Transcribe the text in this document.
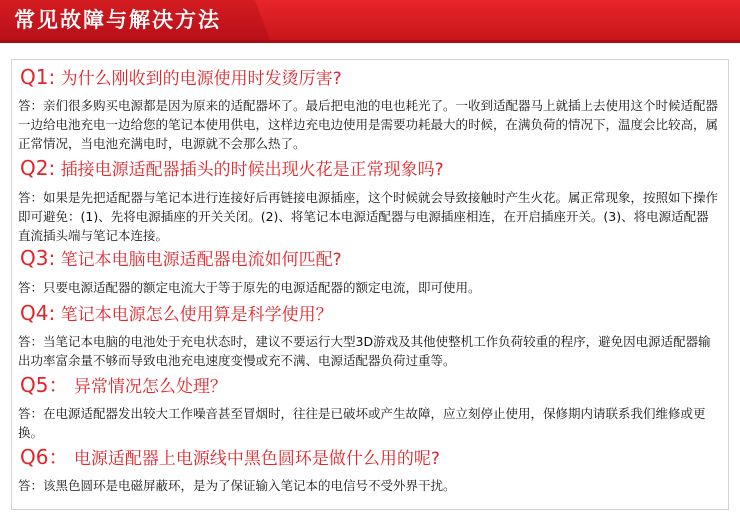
常见故障与解决方法
Q1: 为什么刚收到的电源使用时发烫厉害?
答：亲们很多购买电源都是因为原来的适配器坏了。最后把电池的电也耗光了。一收到适配器马上就插上去使用这个时候适配器一边给电池充电一边给您的笔记本使用供电，这样边充电边使用是需要功耗最大的时候，在满负荷的情况下，温度会比较高，属正常情况，当电池充满电时，电源就不会那么热了。
Q2: 插接电源适配器插头的时候出现火花是正常现象吗?
答：如果是先把适配器与笔记本进行连接好后再链接电源插座，这个时候就会导致接触时产生火花。属正常现象，按照如下操作即可避免：(1)、先将电源插座的开关关闭。(2)、将笔记本电源适配器与电源插座相连，在开启插座开关。(3)、将电源适配器直流插头端与笔记本连接。
Q3: 笔记本电脑电源适配器电流如何匹配?
答：只要电源适配器的额定电流大于等于原先的电源适配器的额定电流，即可使用。
Q4: 笔记本电源怎么使用算是科学使用？
答：当笔记本电脑的电池处于充电状态时，建议不要运行大型3D游戏及其他使整机工作负荷较重的程序，避免因电源适配器输出功率富余量不够而导致电池充电速度变慢或充不满、电源适配器负荷过重等。
Q5： 异常情况怎么处理？
答：在电源适配器发出较大工作噪音甚至冒烟时，往往是已破坏或产生故障，应立刻停止使用，保修期内请联系我们维修或更换。
Q6： 电源适配器上电源线中黑色圆环是做什么用的呢?
答：该黑色圆环是电磁屏蔽环，是为了保证输入笔记本的电信号不受外界干扰。
